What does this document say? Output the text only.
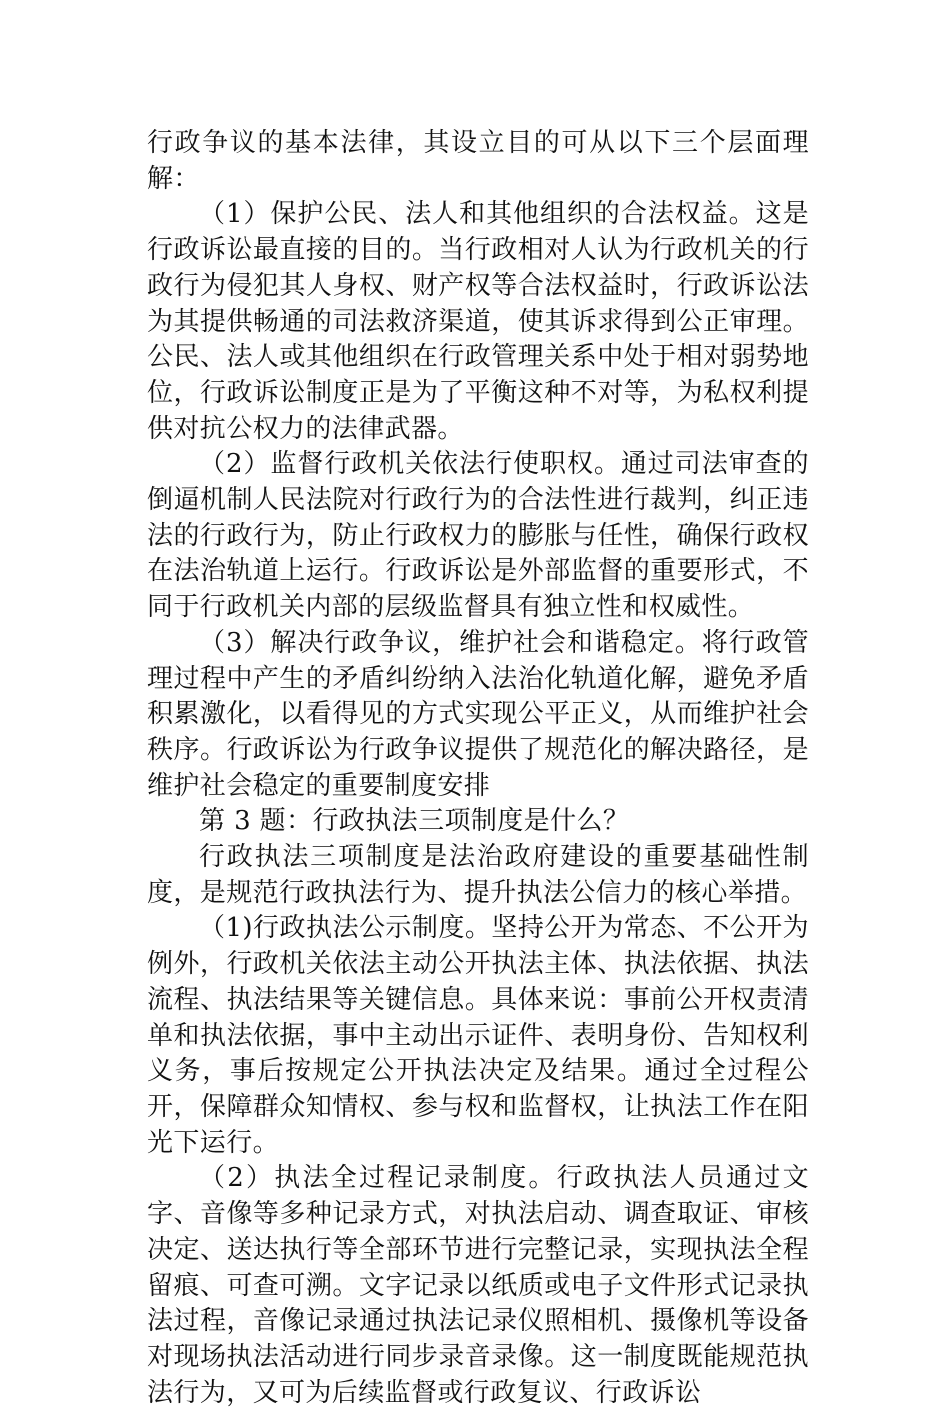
行政争议的基本法律，其设立目的可从以下三个层面理解：

（1）保护公民、法人和其他组织的合法权益。这是行政诉讼最直接的目的。当行政相对人认为行政机关的行政行为侵犯其人身权、财产权等合法权益时，行政诉讼法为其提供畅通的司法救济渠道，使其诉求得到公正审理。公民、法人或其他组织在行政管理关系中处于相对弱势地位，行政诉讼制度正是为了平衡这种不对等，为私权利提供对抗公权力的法律武器。

（2）监督行政机关依法行使职权。通过司法审查的倒逼机制人民法院对行政行为的合法性进行裁判，纠正违法的行政行为，防止行政权力的膨胀与任性，确保行政权在法治轨道上运行。行政诉讼是外部监督的重要形式，不同于行政机关内部的层级监督具有独立性和权威性。

（3）解决行政争议，维护社会和谐稳定。将行政管理过程中产生的矛盾纠纷纳入法治化轨道化解，避免矛盾积累激化，以看得见的方式实现公平正义，从而维护社会秩序。行政诉讼为行政争议提供了规范化的解决路径，是维护社会稳定的重要制度安排

第 3 题：行政执法三项制度是什么？

行政执法三项制度是法治政府建设的重要基础性制度，是规范行政执法行为、提升执法公信力的核心举措。

（1)行政执法公示制度。坚持公开为常态、不公开为例外，行政机关依法主动公开执法主体、执法依据、执法流程、执法结果等关键信息。具体来说：事前公开权责清单和执法依据，事中主动出示证件、表明身份、告知权利义务，事后按规定公开执法决定及结果。通过全过程公开，保障群众知情权、参与权和监督权，让执法工作在阳光下运行。

（2）执法全过程记录制度。行政执法人员通过文字、音像等多种记录方式，对执法启动、调查取证、审核决定、送达执行等全部环节进行完整记录，实现执法全程留痕、可查可溯。文字记录以纸质或电子文件形式记录执法过程，音像记录通过执法记录仪照相机、摄像机等设备对现场执法活动进行同步录音录像。这一制度既能规范执法行为，又可为后续监督或行政复议、行政诉讼
